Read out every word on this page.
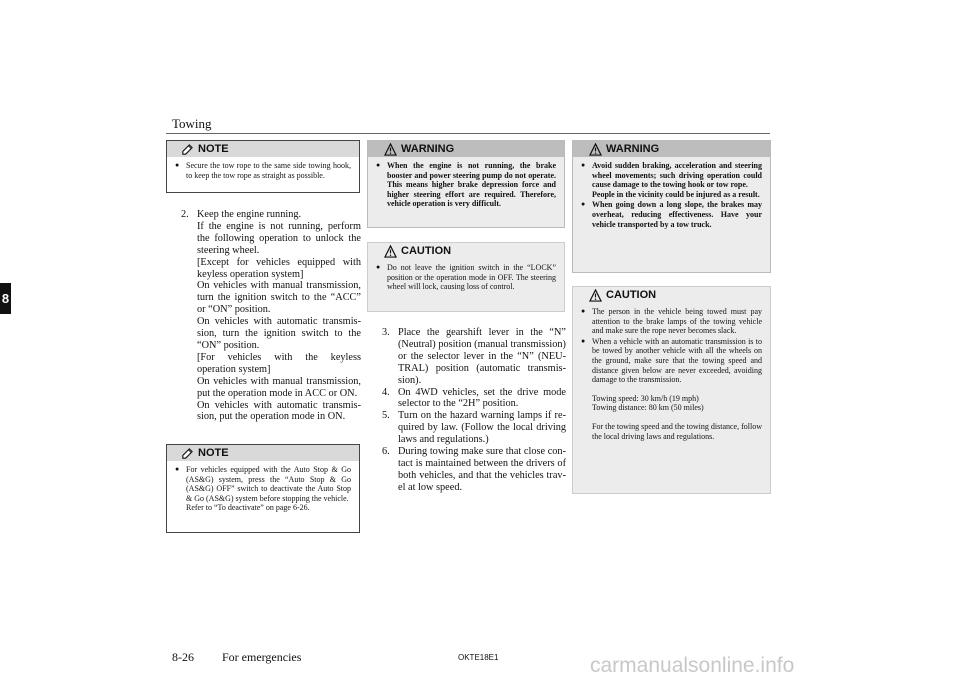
Towing
8
NOTE
● Secure the tow rope to the same side towing hook, to keep the tow rope as straight as possible.
2. Keep the engine running.
If the engine is not running, perform the following operation to unlock the steering wheel.
[Except for vehicles equipped with keyless operation system]
On vehicles with manual transmission, turn the ignition switch to the “ACC” or “ON” position.
On vehicles with automatic transmission, turn the ignition switch to the “ON” position.
[For vehicles with the keyless operation system]
On vehicles with manual transmission, put the operation mode in ACC or ON.
On vehicles with automatic transmission, put the operation mode in ON.
NOTE
● For vehicles equipped with the Auto Stop & Go (AS&G) system, press the “Auto Stop & Go (AS&G) OFF” switch to deactivate the Auto Stop & Go (AS&G) system before stopping the vehicle.
Refer to “To deactivate” on page 6-26.
WARNING
● When the engine is not running, the brake booster and power steering pump do not operate. This means higher brake depression force and higher steering effort are required. Therefore, vehicle operation is very difficult.
CAUTION
● Do not leave the ignition switch in the “LOCK” position or the operation mode in OFF. The steering wheel will lock, causing loss of control.
3. Place the gearshift lever in the “N” (Neutral) position (manual transmission) or the selector lever in the “N” (NEUTRAL) position (automatic transmission).
4. On 4WD vehicles, set the drive mode selector to the “2H” position.
5. Turn on the hazard warning lamps if required by law. (Follow the local driving laws and regulations.)
6. During towing make sure that close contact is maintained between the drivers of both vehicles, and that the vehicles travel at low speed.
WARNING
● Avoid sudden braking, acceleration and steering wheel movements; such driving operation could cause damage to the towing hook or tow rope.
People in the vicinity could be injured as a result.
● When going down a long slope, the brakes may overheat, reducing effectiveness. Have your vehicle transported by a tow truck.
CAUTION
● The person in the vehicle being towed must pay attention to the brake lamps of the towing vehicle and make sure the rope never becomes slack.
● When a vehicle with an automatic transmission is to be towed by another vehicle with all the wheels on the ground, make sure that the towing speed and distance given below are never exceeded, avoiding damage to the transmission.
Towing speed: 30 km/h (19 mph)
Towing distance: 80 km (50 miles)
For the towing speed and the towing distance, follow the local driving laws and regulations.
8-26 For emergencies	OKTE18E1	carmanualsonline.info
